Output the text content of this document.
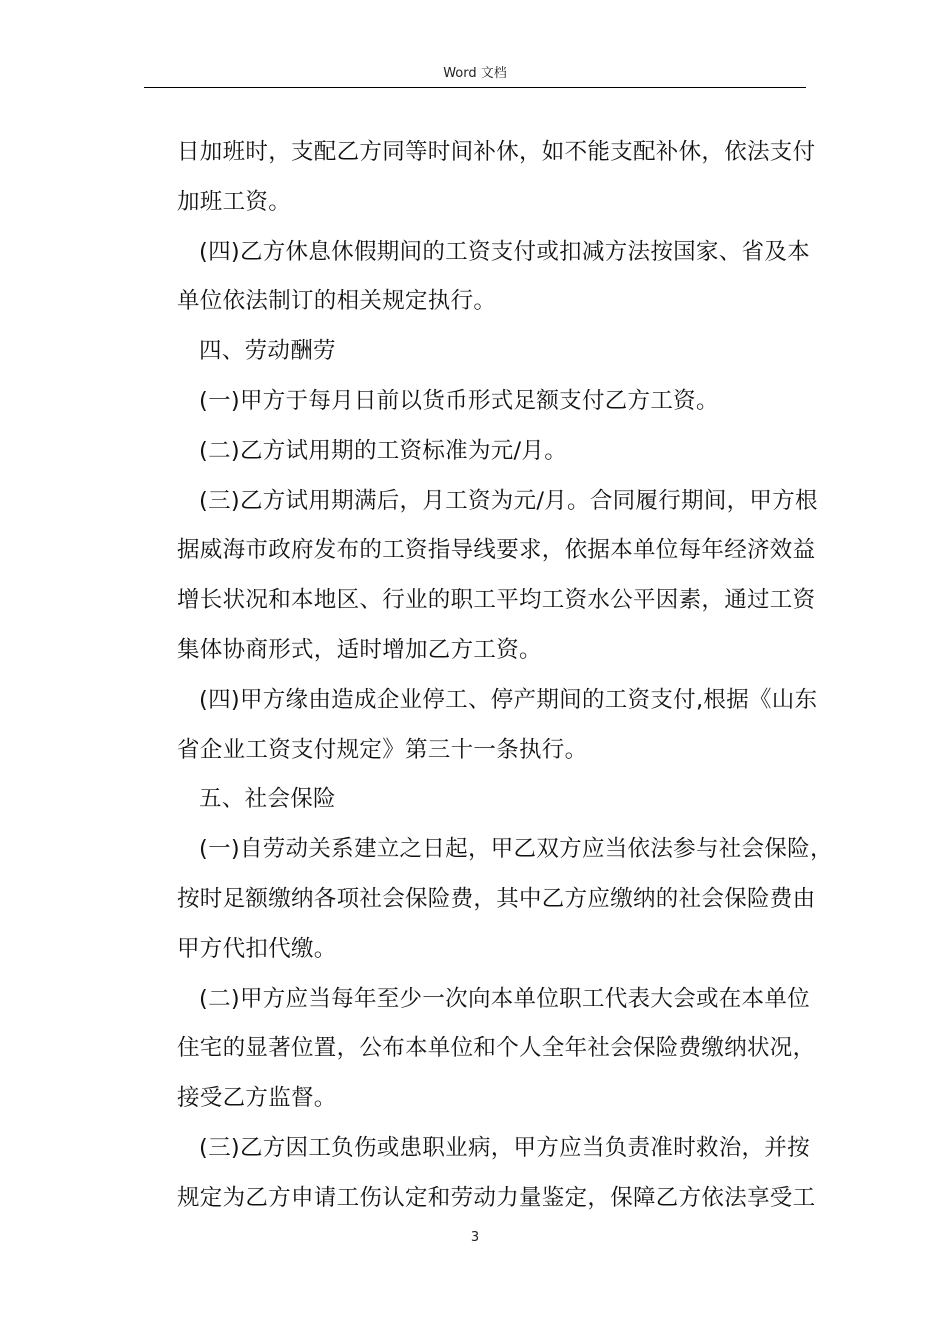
Word 文档
日加班时，支配乙方同等时间补休，如不能支配补休，依法支付
加班工资。
(四)乙方休息休假期间的工资支付或扣减方法按国家、省及本
单位依法制订的相关规定执行。
四、劳动酬劳
(一)甲方于每月日前以货币形式足额支付乙方工资。
(二)乙方试用期的工资标准为元/月。
(三)乙方试用期满后，月工资为元/月。合同履行期间，甲方根
据威海市政府发布的工资指导线要求，依据本单位每年经济效益
增长状况和本地区、行业的职工平均工资水公平因素，通过工资
集体协商形式，适时增加乙方工资。
(四)甲方缘由造成企业停工、停产期间的工资支付,根据《山东
省企业工资支付规定》第三十一条执行。
五、社会保险
(一)自劳动关系建立之日起，甲乙双方应当依法参与社会保险，
按时足额缴纳各项社会保险费，其中乙方应缴纳的社会保险费由
甲方代扣代缴。
(二)甲方应当每年至少一次向本单位职工代表大会或在本单位
住宅的显著位置，公布本单位和个人全年社会保险费缴纳状况，
接受乙方监督。
(三)乙方因工负伤或患职业病，甲方应当负责准时救治，并按
规定为乙方申请工伤认定和劳动力量鉴定，保障乙方依法享受工
3
